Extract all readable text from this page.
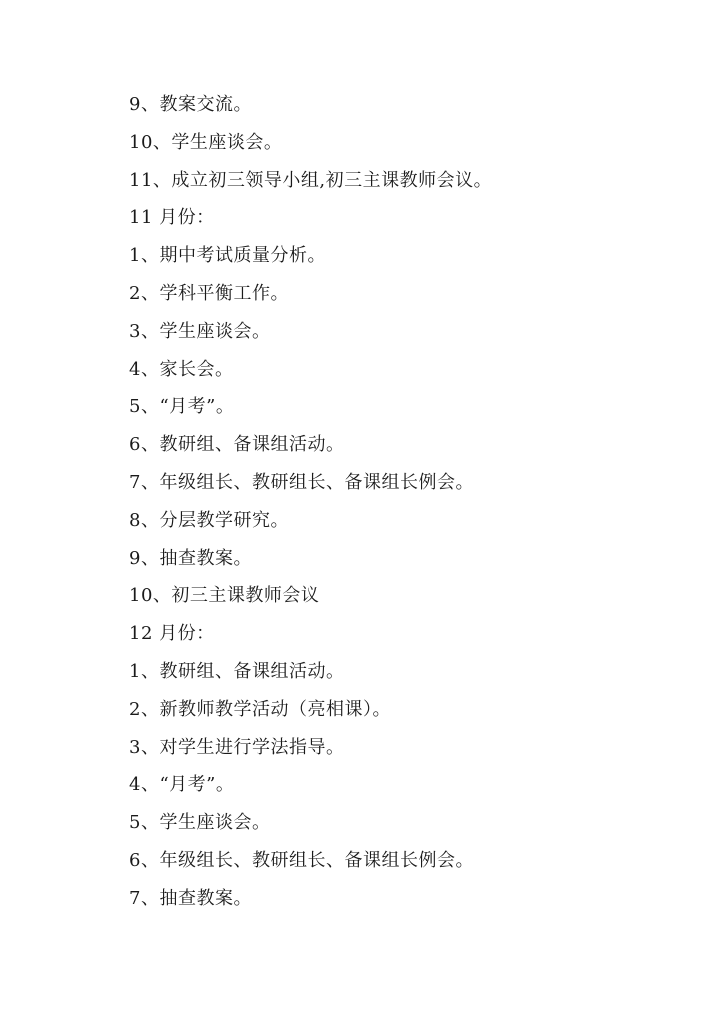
9、教案交流。
10、学生座谈会。
11、成立初三领导小组,初三主课教师会议。
11 月份：
1、期中考试质量分析。
2、学科平衡工作。
3、学生座谈会。
4、家长会。
5、“月考”。
6、教研组、备课组活动。
7、年级组长、教研组长、备课组长例会。
8、分层教学研究。
9、抽查教案。
10、初三主课教师会议
12 月份：
1、教研组、备课组活动。
2、新教师教学活动（亮相课）。
3、对学生进行学法指导。
4、“月考”。
5、学生座谈会。
6、年级组长、教研组长、备课组长例会。
7、抽查教案。
